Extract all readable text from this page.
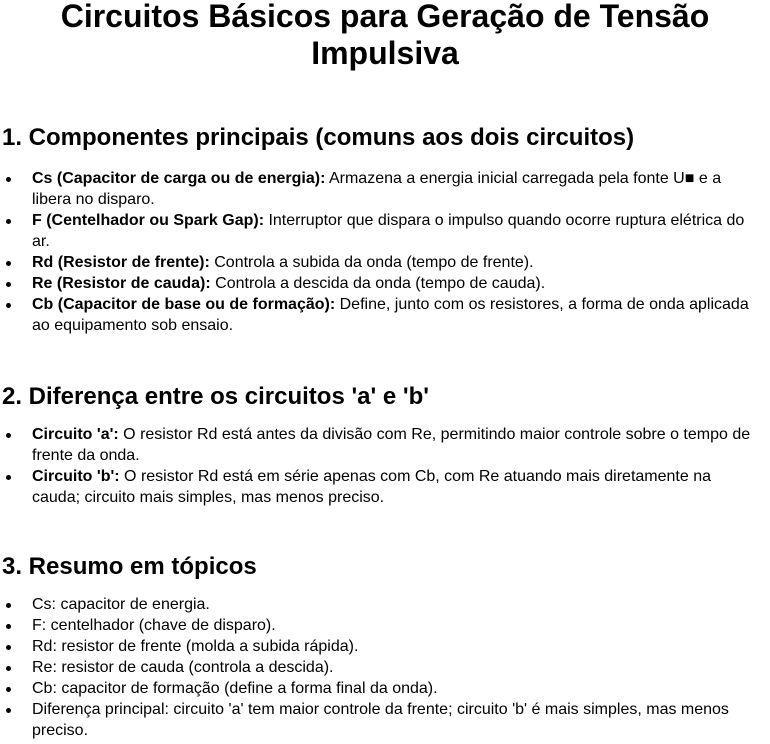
Circuitos Básicos para Geração de Tensão Impulsiva
1. Componentes principais (comuns aos dois circuitos)
Cs (Capacitor de carga ou de energia): Armazena a energia inicial carregada pela fonte U■ e a libera no disparo.
F (Centelhador ou Spark Gap): Interruptor que dispara o impulso quando ocorre ruptura elétrica do ar.
Rd (Resistor de frente): Controla a subida da onda (tempo de frente).
Re (Resistor de cauda): Controla a descida da onda (tempo de cauda).
Cb (Capacitor de base ou de formação): Define, junto com os resistores, a forma de onda aplicada ao equipamento sob ensaio.
2. Diferença entre os circuitos 'a' e 'b'
Circuito 'a': O resistor Rd está antes da divisão com Re, permitindo maior controle sobre o tempo de frente da onda.
Circuito 'b': O resistor Rd está em série apenas com Cb, com Re atuando mais diretamente na cauda; circuito mais simples, mas menos preciso.
3. Resumo em tópicos
Cs: capacitor de energia.
F: centelhador (chave de disparo).
Rd: resistor de frente (molda a subida rápida).
Re: resistor de cauda (controla a descida).
Cb: capacitor de formação (define a forma final da onda).
Diferença principal: circuito 'a' tem maior controle da frente; circuito 'b' é mais simples, mas menos preciso.
